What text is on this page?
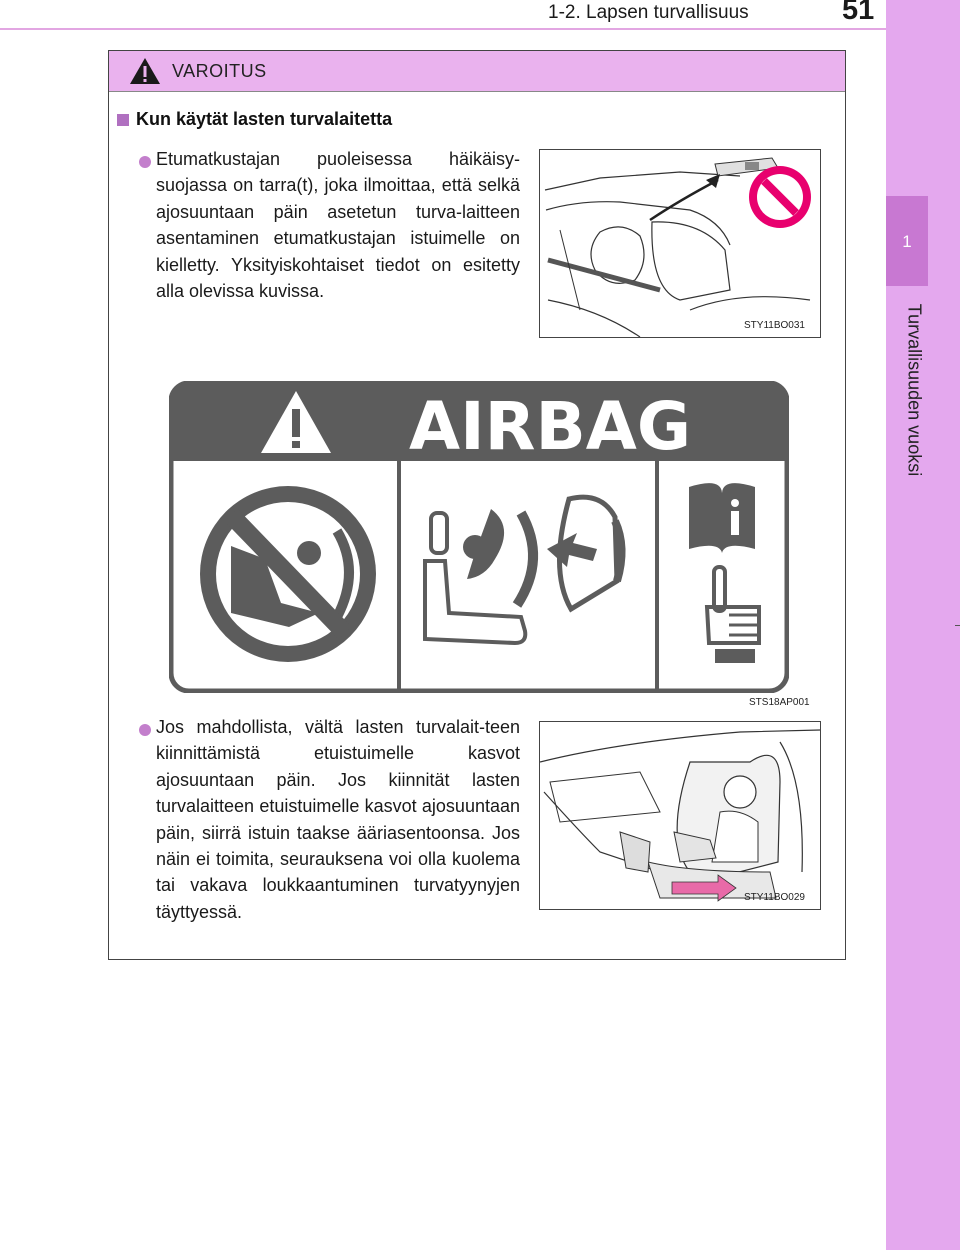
1-2. Lapsen turvallisuus	51
1
Turvallisuuden vuoksi
VAROITUS
Kun käytät lasten turvalaitetta
Etumatkustajan puoleisessa häikäisy-suojassa on tarra(t), joka ilmoittaa, että selkä ajosuuntaan päin asetetun turva-laitteen asentaminen etumatkustajan istuimelle on kielletty. Yksityiskohtaiset tiedot on esitetty alla olevissa kuvissa.
STY11BO031
AIRBAG
STS18AP001
Jos mahdollista, vältä lasten turvalait-teen kiinnittämistä etuistuimelle kasvot ajosuuntaan päin. Jos kiinnität lasten turvalaitteen etuistuimelle kasvot ajosuuntaan päin, siirrä istuin taakse ääriasentoonsa. Jos näin ei toimita, seurauksena voi olla kuolema tai vakava loukkaantuminen turvatyynyjen täyttyessä.
STY11BO029
